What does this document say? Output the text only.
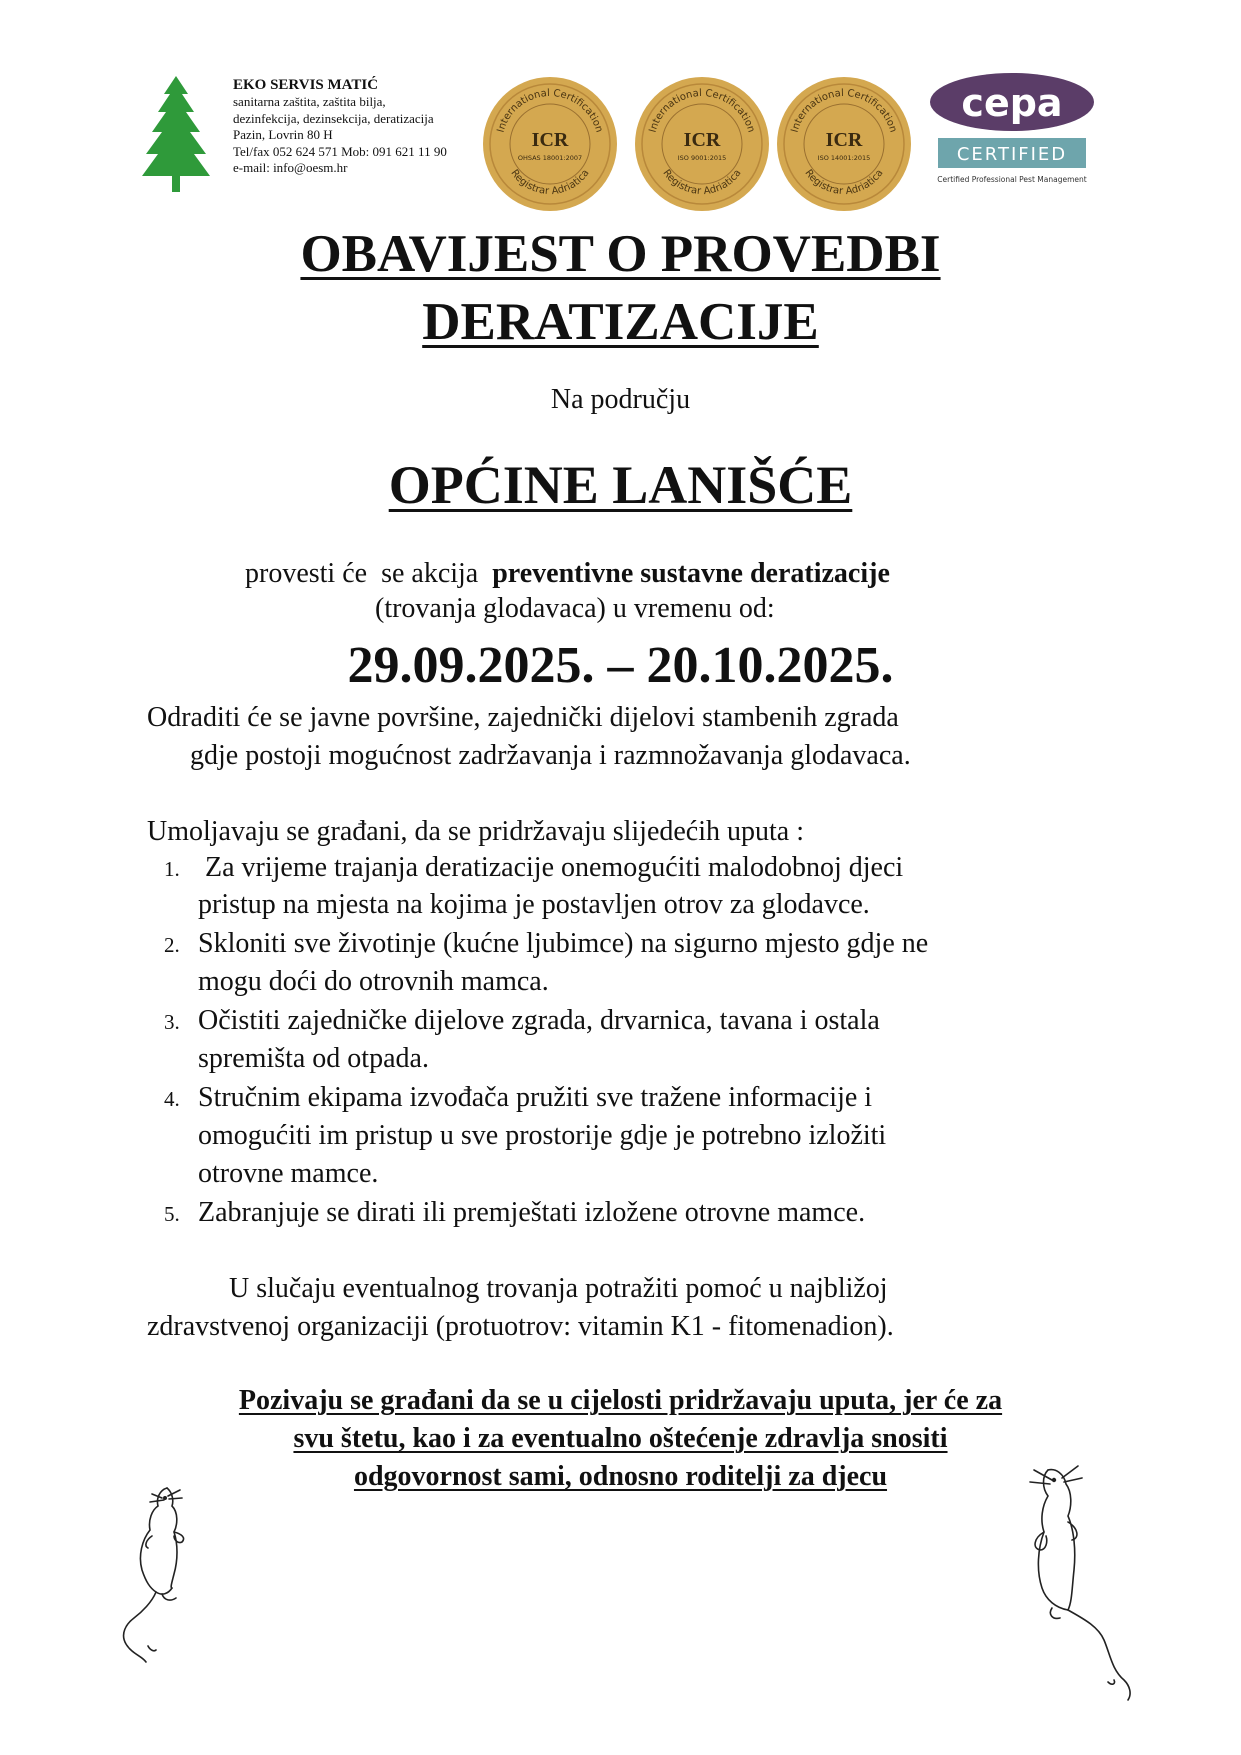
EKO SERVIS MATIĆ
sanitarna zaštita, zaštita bilja,
dezinfekcija, dezinsekcija, deratizacija
Pazin, Lovrin 80 H
Tel/fax 052 624 571 Mob: 091 621 11 90
e-mail: info@oesm.hr
International Certification
Registrar Adriatica
ICR
OHSAS 18001:2007
International Certification
Registrar Adriatica
ICR
ISO 9001:2015
International Certification
Registrar Adriatica
ICR
ISO 14001:2015
cepa
CERTIFIED
Certified Professional Pest Management
OBAVIJEST O PROVEDBI
DERATIZACIJE
Na području
OPĆINE LANIŠĆE
provesti će  se akcija  preventivne sustavne deratizacije
(trovanja glodavaca) u vremenu od:
29.09.2025. – 20.10.2025.
Odraditi će se javne površine, zajednički dijelovi stambenih zgrada
gdje postoji mogućnost zadržavanja i razmnožavanja glodavaca.
Umoljavaju se građani, da se pridržavaju slijedećih uputa :
1. Za vrijeme trajanja deratizacije onemogućiti malodobnoj djeci
pristup na mjesta na kojima je postavljen otrov za glodavce.
2. Skloniti sve životinje (kućne ljubimce) na sigurno mjesto gdje ne
mogu doći do otrovnih mamca.
3. Očistiti zajedničke dijelove zgrada, drvarnica, tavana i ostala
spremišta od otpada.
4. Stručnim ekipama izvođača pružiti sve tražene informacije i
omogućiti im pristup u sve prostorije gdje je potrebno izložiti
otrovne mamce.
5. Zabranjuje se dirati ili premještati izložene otrovne mamce.
U slučaju eventualnog trovanja potražiti pomoć u najbližoj
zdravstvenoj organizaciji (protuotrov: vitamin K1 - fitomenadion).
Pozivaju se građani da se u cijelosti pridržavaju uputa, jer će za
svu štetu, kao i za eventualno oštećenje zdravlja snositi
odgovornost sami, odnosno roditelji za djecu
